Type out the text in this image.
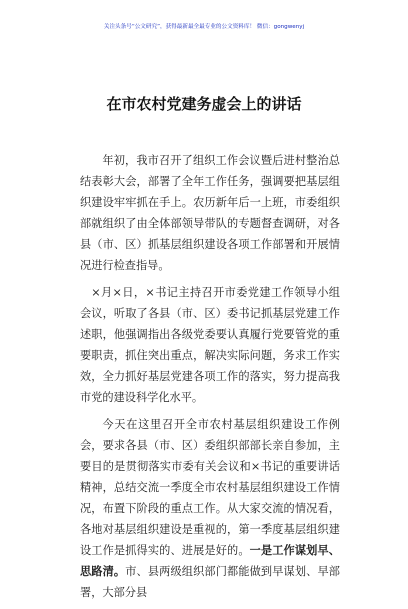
关注头条号“公文研究”，获得最新最全最专业的公文资料库！ 微信：gongwenyj
在市农村党建务虚会上的讲话

年初，我市召开了组织工作会议暨后进村整治总结表彰大会，部署了全年工作任务，强调要把基层组织建设牢牢抓在手上。农历新年后一上班，市委组织部就组织了由全体部领导带队的专题督查调研，对各县（市、区）抓基层组织建设各项工作部署和开展情况进行检查指导。

×月×日，×书记主持召开市委党建工作领导小组会议，听取了各县（市、区）委书记抓基层党建工作述职，他强调指出各级党委要认真履行党要管党的重要职责，抓住突出重点，解决实际问题，务求工作实效，全力抓好基层党建各项工作的落实，努力提高我市党的建设科学化水平。

今天在这里召开全市农村基层组织建设工作例会，要求各县（市、区）委组织部部长亲自参加，主要目的是贯彻落实市委有关会议和×书记的重要讲话精神，总结交流一季度全市农村基层组织建设工作情况，布置下阶段的重点工作。从大家交流的情况看，各地对基层组织建设是重视的，第一季度基层组织建设工作是抓得实的、进展是好的。一是工作谋划早、思路清。市、县两级组织部门都能做到早谋划、早部署，大部分县
